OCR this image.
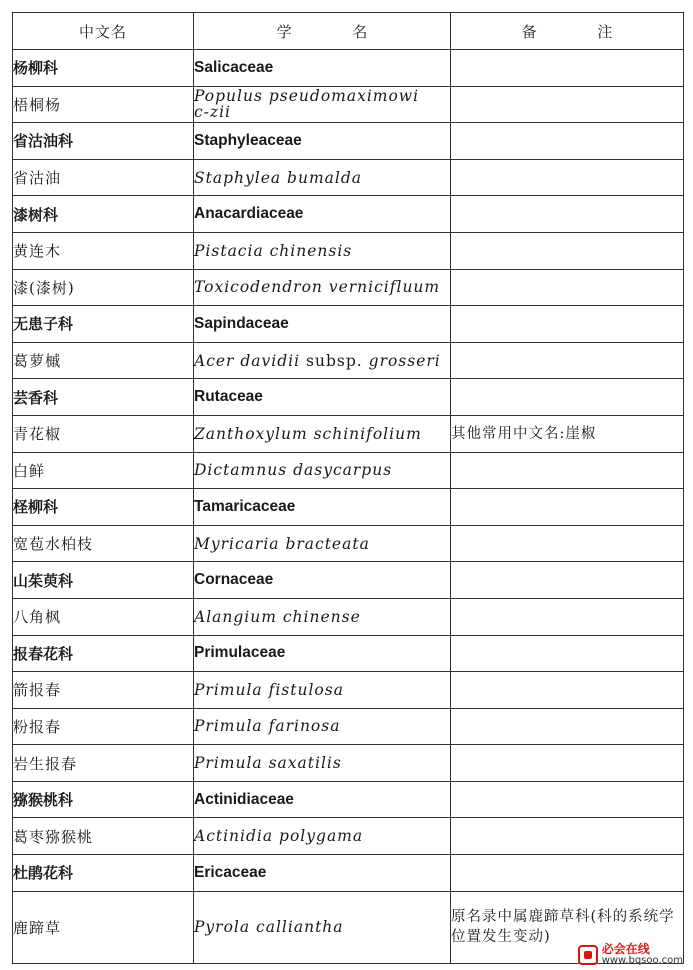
中文名	学 名	备 注
杨柳科	Salicaceae	
梧桐杨	Populus pseudomaximowic-zii	

省沽油科	Staphyleaceae	
省沽油	Staphylea bumalda	
漆树科	Anacardiaceae	
黄连木	Pistacia chinensis	
漆(漆树)	Toxicodendron vernicifluum	
无患子科	Sapindaceae	
葛萝槭	Acer davidii subsp. grosseri	
芸香科	Rutaceae	
青花椒	Zanthoxylum schinifolium	其他常用中文名:崖椒
白鲜	Dictamnus dasycarpus	
柽柳科	Tamaricaceae	
宽苞水柏枝	Myricaria bracteata	
山茱萸科	Cornaceae	
八角枫	Alangium chinense	
报春花科	Primulaceae	
箭报春	Primula fistulosa	
粉报春	Primula farinosa	
岩生报春	Primula saxatilis	
猕猴桃科	Actinidiaceae	
葛枣猕猴桃	Actinidia polygama	
杜鹃花科	Ericaceae	
鹿蹄草	Pyrola calliantha	原名录中属鹿蹄草科(科的系统学位置发生变动)
必会在线
www.bqsoo.com
